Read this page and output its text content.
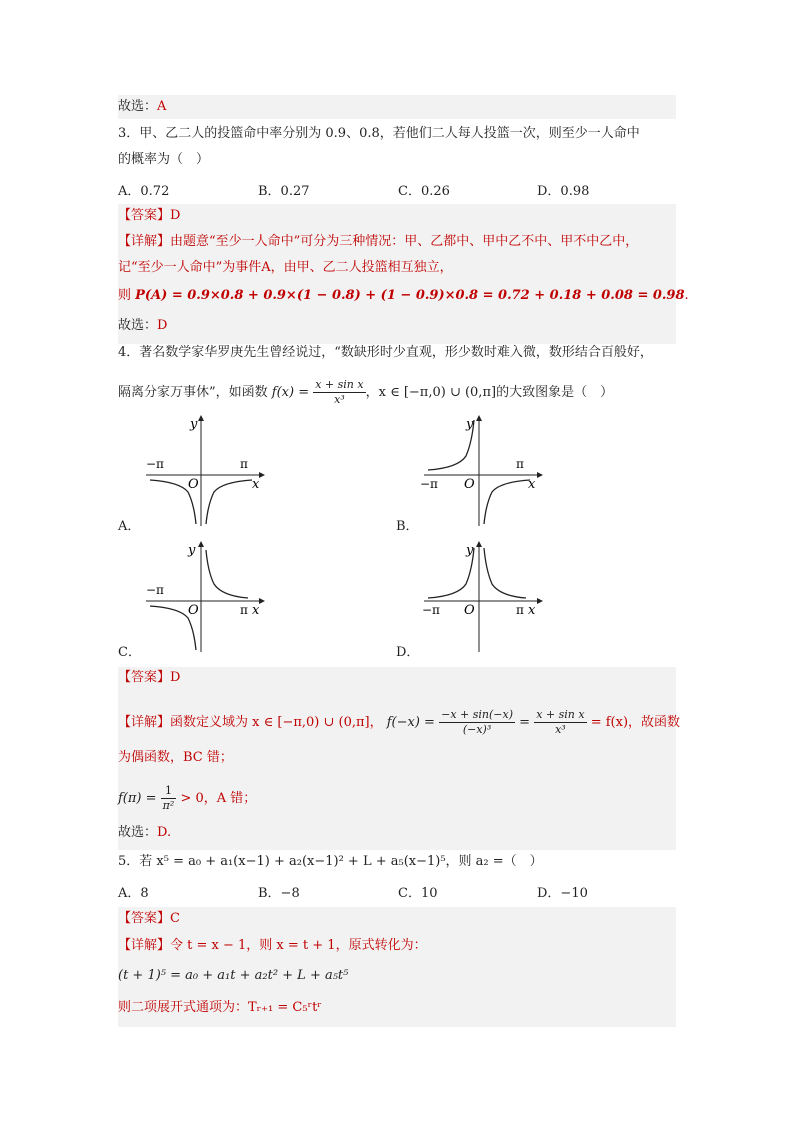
故选：A
3．甲、乙二人的投篮命中率分别为 0.9、0.8，若他们二人每人投篮一次，则至少一人命中
的概率为（　）
A．0.72	B．0.27	C．0.26	D．0.98
【答案】D
【详解】由题意“至少一人命中”可分为三种情况：甲、乙都中、甲中乙不中、甲不中乙中，
记“至少一人命中”为事件A，由甲、乙二人投篮相互独立，
则 P(A) = 0.9×0.8 + 0.9×(1 − 0.8) + (1 − 0.9)×0.8 = 0.72 + 0.18 + 0.08 = 0.98.
故选：D
4．著名数学家华罗庚先生曾经说过，“数缺形时少直观，形少数时难入微，数形结合百般好，
隔离分家万事休”，如函数 $f(x) = \frac{\text{x + sin x}}{\text{x³}}$ ，x ∈ [−π,0) ∪ (0,π]的大致图象是（　）
y
x
O
−π	π
A．
y
x
O
−π
π
B．
y
x
O
−π
π
C．
y
x
O
−π	π
D．
【答案】D
【详解】函数定义域为 x ∈ [−π,0) ∪ (0,π]， $f(-x) = \frac{-x + \sin(-x)}{\text{(−x)³}} = \frac{\text{x + sin x}}{\text{x³}} = f(x)$，故函数
为偶函数，BC 错；
$f(\pi) = \frac{1}{\text{π²}} > 0$，A 错；
故选：D.
5．若 x⁵ = a₀ + a₁(x−1) + a₂(x−1)² + L + a₅(x−1)⁵，则 a₂ =（　）
A．8	B．−8	C．10	D．−10
【答案】C
【详解】令 t = x − 1，则 x = t + 1，原式转化为：
(t + 1)⁵ = a₀ + a₁t + a₂t² + L + a₅t⁵
则二项展开式通项为：Tᵣ₊₁ = C₅ʳtʳ
